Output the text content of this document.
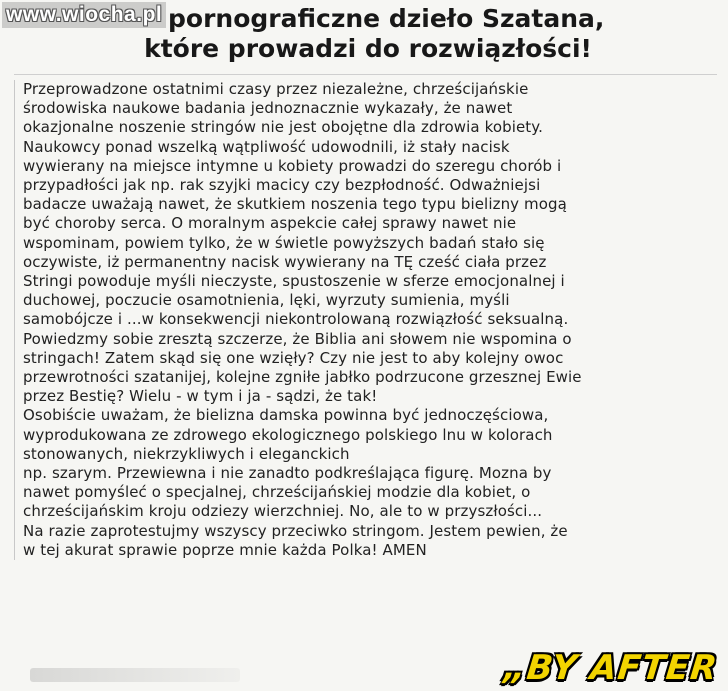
www.wiocha.pl pornograficzne dzieło Szatana,
które prowadzi do rozwiązłości!
Przeprowadzone ostatnimi czasy przez niezależne, chrześcijańskie
środowiska naukowe badania jednoznacznie wykazały, że nawet
okazjonalne noszenie stringów nie jest obojętne dla zdrowia kobiety.
Naukowcy ponad wszelką wątpliwość udowodnili, iż stały nacisk
wywierany na miejsce intymne u kobiety prowadzi do szeregu chorób i
przypadłości jak np. rak szyjki macicy czy bezpłodność. Odważniejsi
badacze uważają nawet, że skutkiem noszenia tego typu bielizny mogą
być choroby serca. O moralnym aspekcie całej sprawy nawet nie
wspominam, powiem tylko, że w świetle powyższych badań stało się
oczywiste, iż permanentny nacisk wywierany na TĘ cześć ciała przez
Stringi powoduje myśli nieczyste, spustoszenie w sferze emocjonalnej i
duchowej, poczucie osamotnienia, lęki, wyrzuty sumienia, myśli
samobójcze i ...w konsekwencji niekontrolowaną rozwiązłość seksualną.
Powiedzmy sobie zresztą szczerze, że Biblia ani słowem nie wspomina o
stringach! Zatem skąd się one wzięły? Czy nie jest to aby kolejny owoc
przewrotności szatanijej, kolejne zgniłe jabłko podrzucone grzesznej Ewie
przez Bestię? Wielu - w tym i ja - sądzi, że tak!
Osobiście uważam, że bielizna damska powinna być jednoczęściowa,
wyprodukowana ze zdrowego ekologicznego polskiego lnu w kolorach
stonowanych, niekrzykliwych i eleganckich
np. szarym. Przewiewna i nie zanadto podkreślająca figurę. Mozna by
nawet pomyśleć o specjalnej, chrześcijańskiej modzie dla kobiet, o
chrześcijańskim kroju odziezy wierzchniej. No, ale to w przyszłości...
Na razie zaprotestujmy wszyscy przeciwko stringom. Jestem pewien, że
w tej akurat sprawie poprze mnie każda Polka! AMEN
„BY AFTER
